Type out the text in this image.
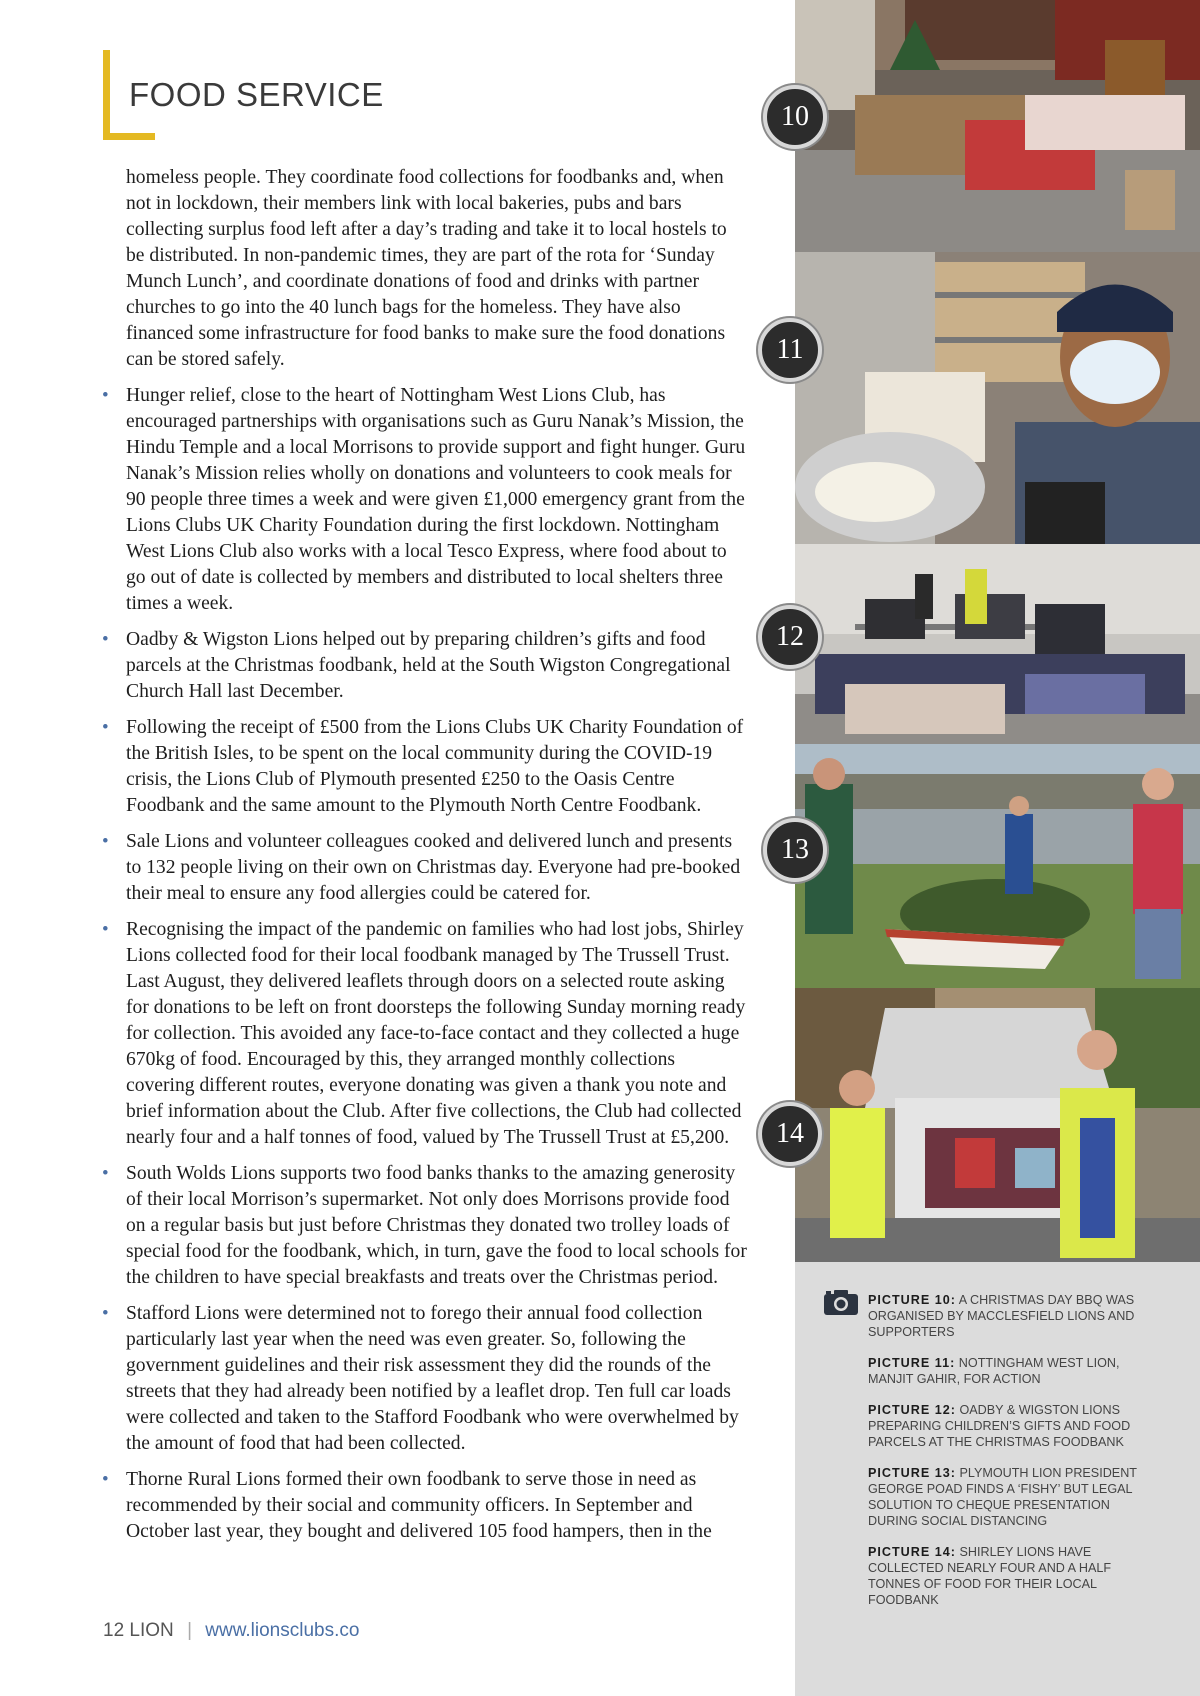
FOOD SERVICE

homeless people. They coordinate food collections for foodbanks and, when not in lockdown, their members link with local bakeries, pubs and bars collecting surplus food left after a day’s trading and take it to local hostels to be distributed. In non-pandemic times, they are part of the rota for ‘Sunday Munch Lunch’, and coordinate donations of food and drinks with partner churches to go into the 40 lunch bags for the homeless. They have also financed some infrastructure for food banks to make sure the food donations can be stored safely.

• Hunger relief, close to the heart of Nottingham West Lions Club, has encouraged partnerships with organisations such as Guru Nanak’s Mission, the Hindu Temple and a local Morrisons to provide support and fight hunger. Guru Nanak’s Mission relies wholly on donations and volunteers to cook meals for 90 people three times a week and were given £1,000 emergency grant from the Lions Clubs UK Charity Foundation during the first lockdown. Nottingham West Lions Club also works with a local Tesco Express, where food about to go out of date is collected by members and distributed to local shelters three times a week.
• Oadby & Wigston Lions helped out by preparing children’s gifts and food parcels at the Christmas foodbank, held at the South Wigston Congregational Church Hall last December.
• Following the receipt of £500 from the Lions Clubs UK Charity Foundation of the British Isles, to be spent on the local community during the COVID-19 crisis, the Lions Club of Plymouth presented £250 to the Oasis Centre Foodbank and the same amount to the Plymouth North Centre Foodbank.
• Sale Lions and volunteer colleagues cooked and delivered lunch and presents to 132 people living on their own on Christmas day. Everyone had pre-booked their meal to ensure any food allergies could be catered for.
• Recognising the impact of the pandemic on families who had lost jobs, Shirley Lions collected food for their local foodbank managed by The Trussell Trust. Last August, they delivered leaflets through doors on a selected route asking for donations to be left on front doorsteps the following Sunday morning ready for collection. This avoided any face-to-face contact and they collected a huge 670kg of food. Encouraged by this, they arranged monthly collections covering different routes, everyone donating was given a thank you note and brief information about the Club. After five collections, the Club had collected nearly four and a half tonnes of food, valued by The Trussell Trust at £5,200.
• South Wolds Lions supports two food banks thanks to the amazing generosity of their local Morrison’s supermarket. Not only does Morrisons provide food on a regular basis but just before Christmas they donated two trolley loads of special food for the foodbank, which, in turn, gave the food to local schools for the children to have special breakfasts and treats over the Christmas period.
• Stafford Lions were determined not to forego their annual food collection particularly last year when the need was even greater. So, following the government guidelines and their risk assessment they did the rounds of the streets that they had already been notified by a leaflet drop. Ten full car loads were collected and taken to the Stafford Foodbank who were overwhelmed by the amount of food that had been collected.
• Thorne Rural Lions formed their own foodbank to serve those in need as recommended by their social and community officers. In September and October last year, they bought and delivered 105 food hampers, then in the
12 LION | www.lionsclubs.co
10
11
12
13
14

PICTURE 10: A CHRISTMAS DAY BBQ WAS ORGANISED BY MACCLESFIELD LIONS AND SUPPORTERS

PICTURE 11: NOTTINGHAM WEST LION, MANJIT GAHIR, FOR ACTION

PICTURE 12: OADBY & WIGSTON LIONS PREPARING CHILDREN’S GIFTS AND FOOD PARCELS AT THE CHRISTMAS FOODBANK

PICTURE 13: PLYMOUTH LION PRESIDENT GEORGE POAD FINDS A ‘FISHY’ BUT LEGAL SOLUTION TO CHEQUE PRESENTATION DURING SOCIAL DISTANCING

PICTURE 14: SHIRLEY LIONS HAVE COLLECTED NEARLY FOUR AND A HALF TONNES OF FOOD FOR THEIR LOCAL FOODBANK
